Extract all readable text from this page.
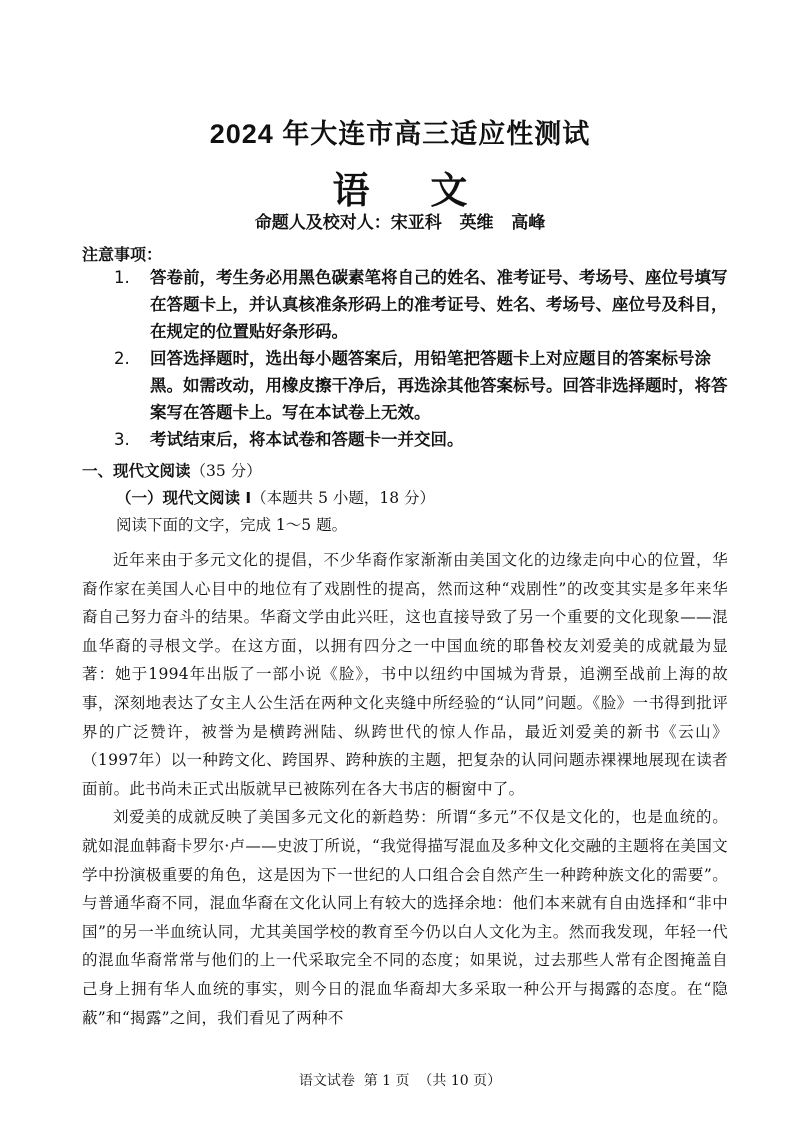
2024 年大连市高三适应性测试
语 文
命题人及校对人：宋亚科   英维   高峰
注意事项：
1.	答卷前，考生务必用黑色碳素笔将自己的姓名、准考证号、考场号、座位号填写在答题卡上，并认真核准条形码上的准考证号、姓名、考场号、座位号及科目，在规定的位置贴好条形码。
2.	回答选择题时，选出每小题答案后，用铅笔把答题卡上对应题目的答案标号涂黑。如需改动，用橡皮擦干净后，再选涂其他答案标号。回答非选择题时，将答案写在答题卡上。写在本试卷上无效。
3.	考试结束后，将本试卷和答题卡一并交回。
一、现代文阅读（35 分）
（一）现代文阅读 I（本题共 5 小题，18 分）
阅读下面的文字，完成 1～5 题。

近年来由于多元文化的提倡，不少华裔作家渐渐由美国文化的边缘走向中心的位置，华裔作家在美国人心目中的地位有了戏剧性的提高，然而这种“戏剧性”的改变其实是多年来华裔自己努力奋斗的结果。华裔文学由此兴旺，这也直接导致了另一个重要的文化现象——混血华裔的寻根文学。在这方面，以拥有四分之一中国血统的耶鲁校友刘爱美的成就最为显著：她于1994年出版了一部小说《脸》，书中以纽约中国城为背景，追溯至战前上海的故事，深刻地表达了女主人公生活在两种文化夹缝中所经验的“认同”问题。《脸》一书得到批评界的广泛赞许，被誉为是横跨洲陆、纵跨世代的惊人作品，最近刘爱美的新书《云山》（1997年）以一种跨文化、跨国界、跨种族的主题，把复杂的认同问题赤裸裸地展现在读者面前。此书尚未正式出版就早已被陈列在各大书店的橱窗中了。

刘爱美的成就反映了美国多元文化的新趋势：所谓“多元”不仅是文化的，也是血统的。就如混血韩裔卡罗尔·卢——史波丁所说，“我觉得描写混血及多种文化交融的主题将在美国文学中扮演极重要的角色，这是因为下一世纪的人口组合会自然产生一种跨种族文化的需要”。与普通华裔不同，混血华裔在文化认同上有较大的选择余地：他们本来就有自由选择和“非中国”的另一半血统认同，尤其美国学校的教育至今仍以白人文化为主。然而我发现，年轻一代的混血华裔常常与他们的上一代采取完全不同的态度；如果说，过去那些人常有企图掩盖自己身上拥有华人血统的事实，则今日的混血华裔却大多采取一种公开与揭露的态度。在“隐蔽”和“揭露”之间，我们看见了两种不

语文试卷  第 1 页  （共 10 页）
